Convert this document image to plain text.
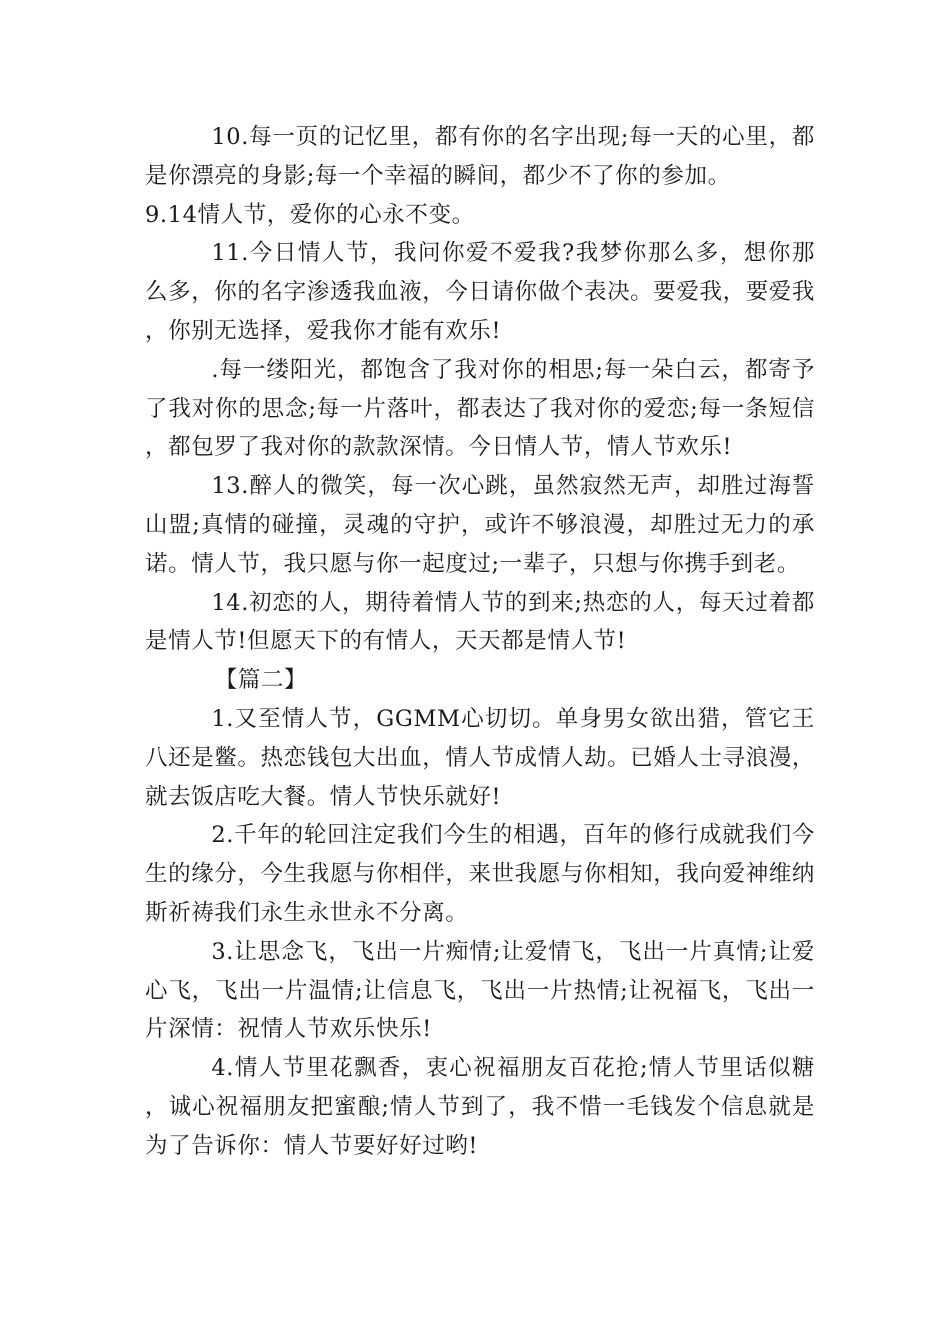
10.每一页的记忆里，都有你的名字出现;每一天的心里，都是你漂亮的身影;每一个幸福的瞬间，都少不了你的参加。

9.14情人节，爱你的心永不变。

11.今日情人节，我问你爱不爱我?我梦你那么多，想你那么多，你的名字渗透我血液，今日请你做个表决。要爱我，要爱我，你别无选择，爱我你才能有欢乐!

.每一缕阳光，都饱含了我对你的相思;每一朵白云，都寄予了我对你的思念;每一片落叶，都表达了我对你的爱恋;每一条短信，都包罗了我对你的款款深情。今日情人节，情人节欢乐!

13.醉人的微笑，每一次心跳，虽然寂然无声，却胜过海誓山盟;真情的碰撞，灵魂的守护，或许不够浪漫，却胜过无力的承诺。情人节，我只愿与你一起度过;一辈子，只想与你携手到老。

14.初恋的人，期待着情人节的到来;热恋的人，每天过着都是情人节!但愿天下的有情人，天天都是情人节!

【篇二】

1.又至情人节，GGMM心切切。单身男女欲出猎，管它王八还是鳖。热恋钱包大出血，情人节成情人劫。已婚人士寻浪漫，就去饭店吃大餐。情人节快乐就好!

2.千年的轮回注定我们今生的相遇，百年的修行成就我们今生的缘分，今生我愿与你相伴，来世我愿与你相知，我向爱神维纳斯祈祷我们永生永世永不分离。

3.让思念飞，飞出一片痴情;让爱情飞，飞出一片真情;让爱心飞，飞出一片温情;让信息飞，飞出一片热情;让祝福飞，飞出一片深情：祝情人节欢乐快乐!

4.情人节里花飘香，衷心祝福朋友百花抢;情人节里话似糖，诚心祝福朋友把蜜酿;情人节到了，我不惜一毛钱发个信息就是为了告诉你：情人节要好好过哟!
